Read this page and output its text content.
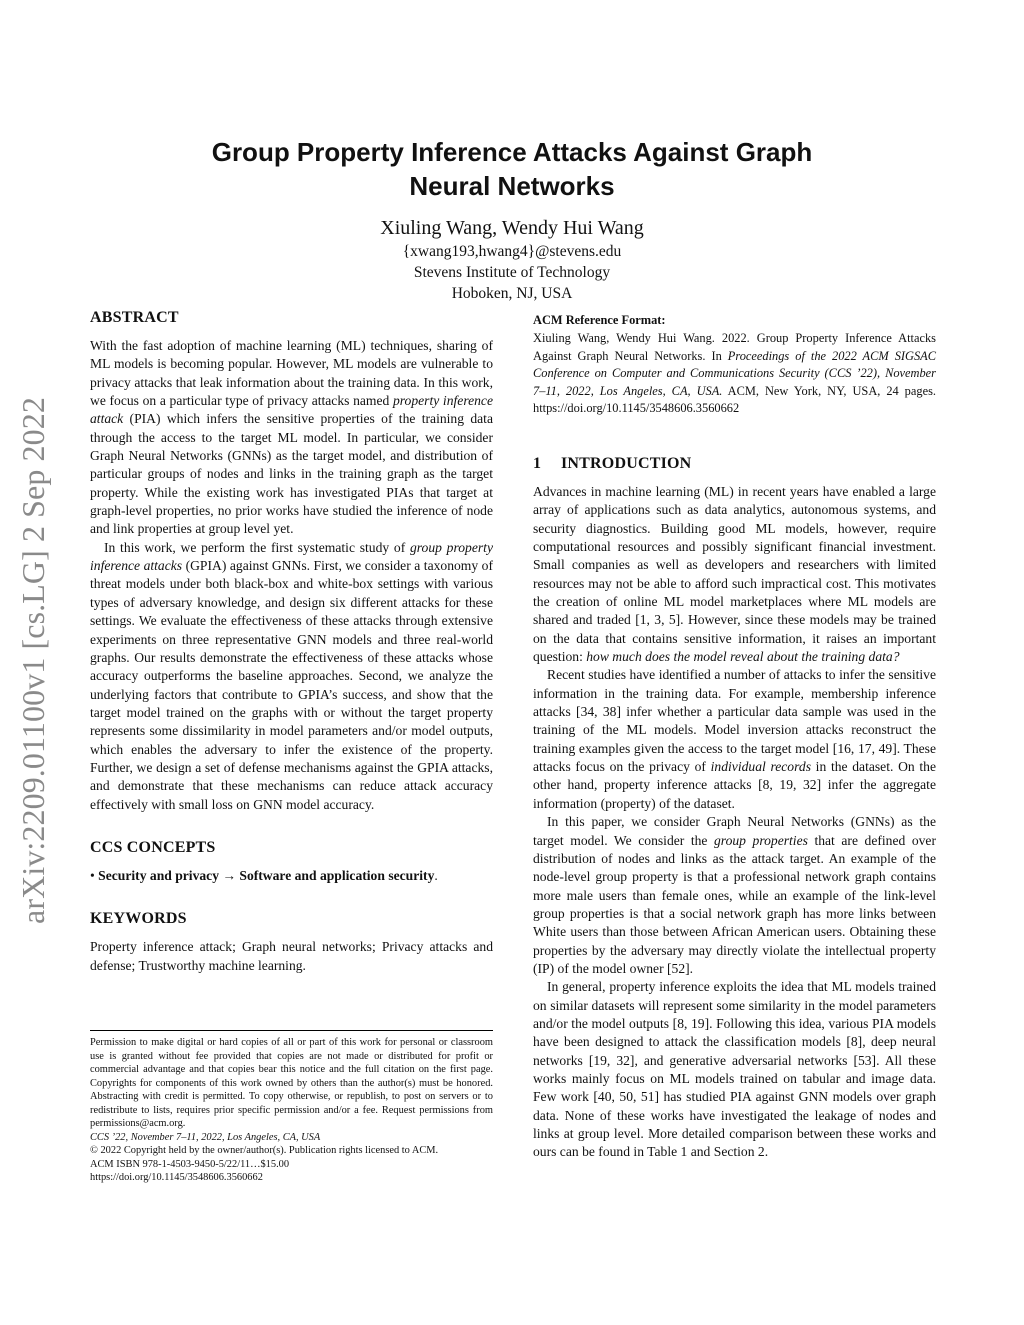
arXiv:2209.01100v1 [cs.LG] 2 Sep 2022
Group Property Inference Attacks Against Graph Neural Networks
Xiuling Wang, Wendy Hui Wang
{xwang193,hwang4}@stevens.edu
Stevens Institute of Technology
Hoboken, NJ, USA
ABSTRACT

With the fast adoption of machine learning (ML) techniques, sharing of ML models is becoming popular. However, ML models are vulnerable to privacy attacks that leak information about the training data. In this work, we focus on a particular type of privacy attacks named property inference attack (PIA) which infers the sensitive properties of the training data through the access to the target ML model. In particular, we consider Graph Neural Networks (GNNs) as the target model, and distribution of particular groups of nodes and links in the training graph as the target property. While the existing work has investigated PIAs that target at graph-level properties, no prior works have studied the inference of node and link properties at group level yet.

In this work, we perform the first systematic study of group property inference attacks (GPIA) against GNNs. First, we consider a taxonomy of threat models under both black-box and white-box settings with various types of adversary knowledge, and design six different attacks for these settings. We evaluate the effectiveness of these attacks through extensive experiments on three representative GNN models and three real-world graphs. Our results demonstrate the effectiveness of these attacks whose accuracy outperforms the baseline approaches. Second, we analyze the underlying factors that contribute to GPIA’s success, and show that the target model trained on the graphs with or without the target property represents some dissimilarity in model parameters and/or model outputs, which enables the adversary to infer the existence of the property. Further, we design a set of defense mechanisms against the GPIA attacks, and demonstrate that these mechanisms can reduce attack accuracy effectively with small loss on GNN model accuracy.

CCS CONCEPTS

• Security and privacy → Software and application security.

KEYWORDS

Property inference attack; Graph neural networks; Privacy attacks and defense; Trustworthy machine learning.

Permission to make digital or hard copies of all or part of this work for personal or classroom use is granted without fee provided that copies are not made or distributed for profit or commercial advantage and that copies bear this notice and the full citation on the first page. Copyrights for components of this work owned by others than the author(s) must be honored. Abstracting with credit is permitted. To copy otherwise, or republish, to post on servers or to redistribute to lists, requires prior specific permission and/or a fee. Request permissions from permissions@acm.org.

CCS ’22, November 7–11, 2022, Los Angeles, CA, USA

© 2022 Copyright held by the owner/author(s). Publication rights licensed to ACM.

ACM ISBN 978-1-4503-9450-5/22/11…$15.00

https://doi.org/10.1145/3548606.3560662

ACM Reference Format:

Xiuling Wang, Wendy Hui Wang. 2022. Group Property Inference Attacks Against Graph Neural Networks. In Proceedings of the 2022 ACM SIGSAC Conference on Computer and Communications Security (CCS ’22), November 7–11, 2022, Los Angeles, CA, USA. ACM, New York, NY, USA, 24 pages. https://doi.org/10.1145/3548606.3560662

1 INTRODUCTION

Advances in machine learning (ML) in recent years have enabled a large array of applications such as data analytics, autonomous systems, and security diagnostics. Building good ML models, however, require computational resources and possibly significant financial investment. Small companies as well as developers and researchers with limited resources may not be able to afford such impractical cost. This motivates the creation of online ML model marketplaces where ML models are shared and traded [1, 3, 5]. However, since these models may be trained on the data that contains sensitive information, it raises an important question: how much does the model reveal about the training data?

Recent studies have identified a number of attacks to infer the sensitive information in the training data. For example, membership inference attacks [34, 38] infer whether a particular data sample was used in the training of the ML models. Model inversion attacks reconstruct the training examples given the access to the target model [16, 17, 49]. These attacks focus on the privacy of individual records in the dataset. On the other hand, property inference attacks [8, 19, 32] infer the aggregate information (property) of the dataset.

In this paper, we consider Graph Neural Networks (GNNs) as the target model. We consider the group properties that are defined over distribution of nodes and links as the attack target. An example of the node-level group property is that a professional network graph contains more male users than female ones, while an example of the link-level group properties is that a social network graph has more links between White users than those between African American users. Obtaining these properties by the adversary may directly violate the intellectual property (IP) of the model owner [52].

In general, property inference exploits the idea that ML models trained on similar datasets will represent some similarity in the model parameters and/or the model outputs [8, 19]. Following this idea, various PIA models have been designed to attack the classification models [8], deep neural networks [19, 32], and generative adversarial networks [53]. All these works mainly focus on ML models trained on tabular and image data. Few work [40, 50, 51] has studied PIA against GNN models over graph data. None of these works have investigated the leakage of nodes and links at group level. More detailed comparison between these works and ours can be found in Table 1 and Section 2.
